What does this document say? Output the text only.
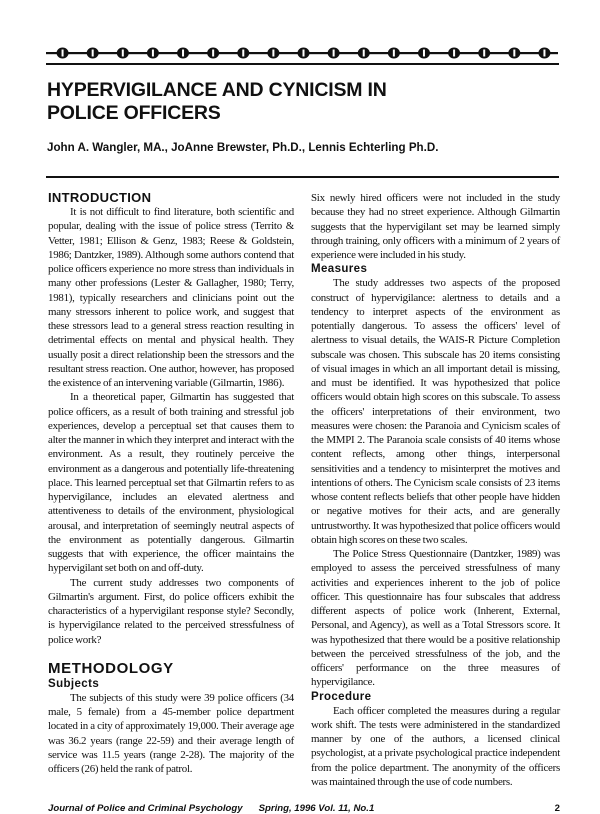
HYPERVIGILANCE AND CYNICISM IN
POLICE OFFICERS
John A. Wangler, MA., JoAnne Brewster, Ph.D., Lennis Echterling Ph.D.
INTRODUCTION

It is not difficult to find literature, both scientific and popular, dealing with the issue of police stress (Territo & Vetter, 1981; Ellison & Genz, 1983; Reese & Goldstein, 1986; Dantzker, 1989). Although some authors contend that police officers experience no more stress than individuals in many other professions (Lester & Gallagher, 1980; Terry, 1981), typically researchers and clinicians point out the many stressors inherent to police work, and suggest that these stressors lead to a general stress reaction resulting in detrimental effects on mental and physical health. They usually posit a direct relationship been the stressors and the resultant stress reaction. One author, however, has proposed the existence of an intervening variable (Gilmartin, 1986).

In a theoretical paper, Gilmartin has suggested that police officers, as a result of both training and stressful job experiences, develop a perceptual set that causes them to alter the manner in which they interpret and interact with the environment. As a result, they routinely perceive the environment as a dangerous and potentially life-threatening place. This learned perceptual set that Gilmartin refers to as hypervigilance, includes an elevated alertness and attentiveness to details of the environment, physiological arousal, and interpretation of seemingly neutral aspects of the environment as potentially dangerous. Gilmartin suggests that with experience, the officer maintains the hypervigilant set both on and off-duty.

The current study addresses two components of Gilmartin's argument. First, do police officers exhibit the characteristics of a hypervigilant response style? Secondly, is hypervigilance related to the perceived stressfulness of police work?

METHODOLOGY
Subjects

The subjects of this study were 39 police officers (34 male, 5 female) from a 45-member police department located in a city of approximately 19,000. Their average age was 36.2 years (range 22-59) and their average length of service was 11.5 years (range 2-28). The majority of the officers (26) held the rank of patrol.

Six newly hired officers were not included in the study because they had no street experience. Although Gilmartin suggests that the hypervigilant set may be learned simply through training, only officers with a minimum of 2 years of experience were included in his study.

Measures

The study addresses two aspects of the proposed construct of hypervigilance: alertness to details and a tendency to interpret aspects of the environment as potentially dangerous. To assess the officers' level of alertness to visual details, the WAIS-R Picture Completion subscale was chosen. This subscale has 20 items consisting of visual images in which an all important detail is missing, and must be identified. It was hypothesized that police officers would obtain high scores on this subscale. To assess the officers' interpretations of their environment, two measures were chosen: the Paranoia and Cynicism scales of the MMPI 2. The Paranoia scale consists of 40 items whose content reflects, among other things, interpersonal sensitivities and a tendency to misinterpret the motives and intentions of others. The Cynicism scale consists of 23 items whose content reflects beliefs that other people have hidden or negative motives for their acts, and are generally untrustworthy. It was hypothesized that police officers would obtain high scores on these two scales.

The Police Stress Questionnaire (Dantzker, 1989) was employed to assess the perceived stressfulness of many activities and experiences inherent to the job of police officer. This questionnaire has four subscales that address different aspects of police work (Inherent, External, Personal, and Agency), as well as a Total Stressors score. It was hypothesized that there would be a positive relationship between the perceived stressfulness of the job, and the officers' performance on the three measures of hypervigilance.

Procedure

Each officer completed the measures during a regular work shift. The tests were administered in the standardized manner by one of the authors, a licensed clinical psychologist, at a private psychological practice independent from the police department. The anonymity of the officers was maintained through the use of code numbers.

Journal of Police and Criminal Psychology Spring, 1996 Vol. 11, No.1	2
